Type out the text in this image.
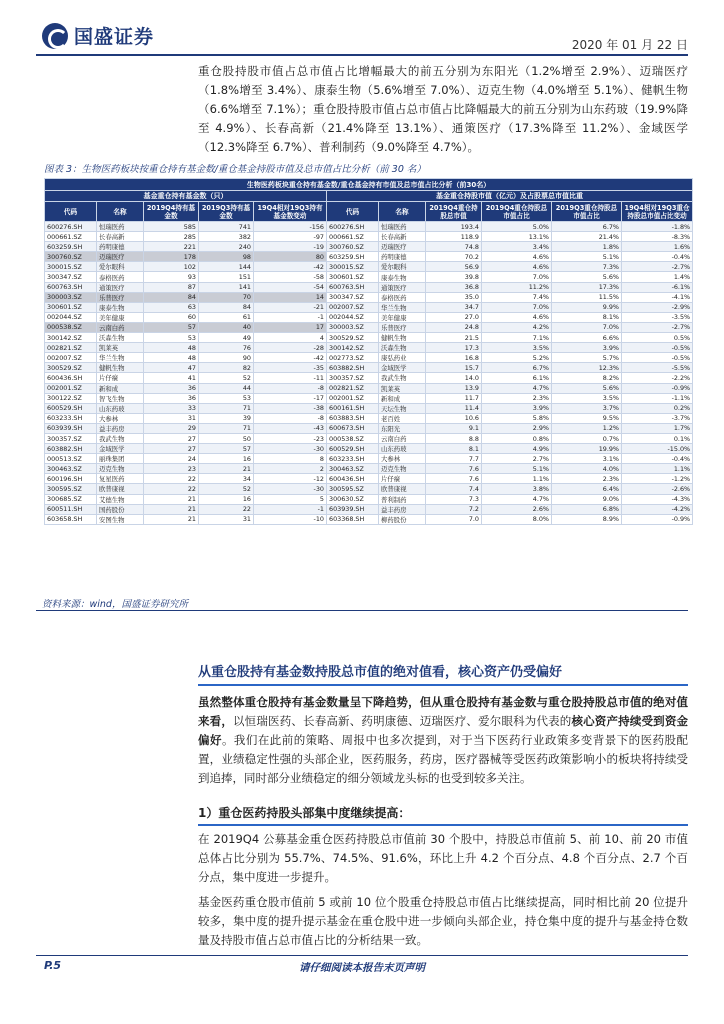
国盛证券	2020 年 01 月 22 日
重仓股持股市值占总市值占比增幅最大的前五分别为东阳光（1.2%增至 2.9%）、迈瑞医疗（1.8%增至 3.4%）、康泰生物（5.6%增至 7.0%）、迈克生物（4.0%增至 5.1%）、健帆生物（6.6%增至 7.1%）；重仓股持股市值占总市值占比降幅最大的前五分别为山东药玻（19.9%降至 4.9%）、长春高新（21.4%降至 13.1%）、通策医疗（17.3%降至 11.2%）、金域医学（12.3%降至 6.7%）、普利制药（9.0%降至 4.7%）。
图表 3：生物医药板块按重仓持有基金数/重仓基金持股市值及总市值占比分析（前 30 名）
生物医药板块重仓持有基金数/重仓基金持有市值及总市值占比分析（前30名）										
基金重仓持有基金数（只）					基金重仓持股市值（亿元）及占股票总市值比重					
代码	名称	2019Q4持有基金数	2019Q3持有基金数	19Q4相对19Q3持有基金数变动	代码	名称	2019Q4重仓持股总市值	2019Q4重仓持股总市值占比	2019Q3重仓持股总市值占比	19Q4相对19Q3重仓持股总市值占比变动
600276.SH	恒瑞医药	585	741	-156	600276.SH	恒瑞医药	193.4	5.0%	6.7%	-1.8%
000661.SZ	长春高新	285	382	-97	000661.SZ	长春高新	118.9	13.1%	21.4%	-8.3%
603259.SH	药明康德	221	240	-19	300760.SZ	迈瑞医疗	74.8	3.4%	1.8%	1.6%
300760.SZ	迈瑞医疗	178	98	80	603259.SH	药明康德	70.2	4.6%	5.1%	-0.4%
300015.SZ	爱尔眼科	102	144	-42	300015.SZ	爱尔眼科	56.9	4.6%	7.3%	-2.7%
300347.SZ	泰格医药	93	151	-58	300601.SZ	康泰生物	39.8	7.0%	5.6%	1.4%
600763.SH	通策医疗	87	141	-54	600763.SH	通策医疗	36.8	11.2%	17.3%	-6.1%
300003.SZ	乐普医疗	84	70	14	300347.SZ	泰格医药	35.0	7.4%	11.5%	-4.1%
300601.SZ	康泰生物	63	84	-21	002007.SZ	华兰生物	34.7	7.0%	9.9%	-2.9%
002044.SZ	美年健康	60	61	-1	002044.SZ	美年健康	27.0	4.6%	8.1%	-3.5%
000538.SZ	云南白药	57	40	17	300003.SZ	乐普医疗	24.8	4.2%	7.0%	-2.7%
300142.SZ	沃森生物	53	49	4	300529.SZ	健帆生物	21.5	7.1%	6.6%	0.5%
002821.SZ	凯莱英	48	76	-28	300142.SZ	沃森生物	17.3	3.5%	3.9%	-0.5%
002007.SZ	华兰生物	48	90	-42	002773.SZ	康弘药业	16.8	5.2%	5.7%	-0.5%
300529.SZ	健帆生物	47	82	-35	603882.SH	金域医学	15.7	6.7%	12.3%	-5.5%
600436.SH	片仔癀	41	52	-11	300357.SZ	我武生物	14.0	6.1%	8.2%	-2.2%
002001.SZ	新和成	36	44	-8	002821.SZ	凯莱英	13.9	4.7%	5.6%	-0.9%
300122.SZ	智飞生物	36	53	-17	002001.SZ	新和成	11.7	2.3%	3.5%	-1.1%
600529.SH	山东药玻	33	71	-38	600161.SH	天坛生物	11.4	3.9%	3.7%	0.2%
603233.SH	大参林	31	39	-8	603883.SH	老百姓	10.6	5.8%	9.5%	-3.7%
603939.SH	益丰药房	29	71	-43	600673.SH	东阳光	9.1	2.9%	1.2%	1.7%
300357.SZ	我武生物	27	50	-23	000538.SZ	云南白药	8.8	0.8%	0.7%	0.1%
603882.SH	金域医学	27	57	-30	600529.SH	山东药玻	8.1	4.9%	19.9%	-15.0%
000513.SZ	丽珠集团	24	16	8	603233.SH	大参林	7.7	2.7%	3.1%	-0.4%
300463.SZ	迈克生物	23	21	2	300463.SZ	迈克生物	7.6	5.1%	4.0%	1.1%
600196.SH	复星医药	22	34	-12	600436.SH	片仔癀	7.6	1.1%	2.3%	-1.2%
300595.SZ	欧普康视	22	52	-30	300595.SZ	欧普康视	7.4	3.8%	6.4%	-2.6%
300685.SZ	艾德生物	21	16	5	300630.SZ	普利制药	7.3	4.7%	9.0%	-4.3%
600511.SH	国药股份	21	22	-1	603939.SH	益丰药房	7.2	2.6%	6.8%	-4.2%
603658.SH	安图生物	21	31	-10	603368.SH	柳药股份	7.0	8.0%	8.9%	-0.9%
资料来源：wind，国盛证券研究所
从重仓股持有基金数持股总市值的绝对值看，核心资产仍受偏好
虽然整体重仓股持有基金数量呈下降趋势，但从重仓股持有基金数与重仓股持股总市值的绝对值来看，以恒瑞医药、长春高新、药明康德、迈瑞医疗、爱尔眼科为代表的核心资产持续受到资金偏好。我们在此前的策略、周报中也多次提到，对于当下医药行业政策多变背景下的医药股配置，业绩稳定性强的头部企业，医药服务，药房，医疗器械等受医药政策影响小的板块将持续受到追捧，同时部分业绩稳定的细分领域龙头标的也受到较多关注。
1）重仓医药持股头部集中度继续提高：
在 2019Q4 公募基金重仓医药持股总市值前 30 个股中，持股总市值前 5、前 10、前 20 市值总体占比分别为 55.7%、74.5%、91.6%，环比上升 4.2 个百分点、4.8 个百分点、2.7 个百分点，集中度进一步提升。
基金医药重仓股市值前 5 或前 10 位个股重仓持股总市值占比继续提高，同时相比前 20 位提升较多，集中度的提升提示基金在重仓股中进一步倾向头部企业，持仓集中度的提升与基金持仓数量及持股市值占总市值占比的分析结果一致。
P.5	请仔细阅读本报告末页声明
